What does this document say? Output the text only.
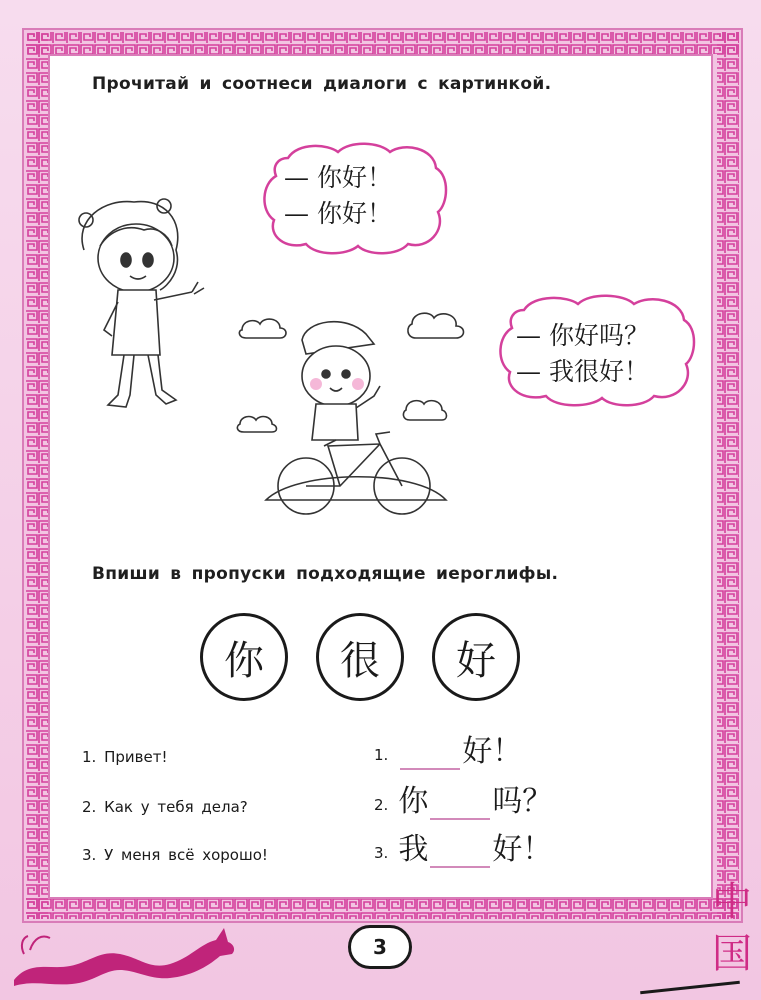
Прочитай и соотнеси диалоги с картинкой.
— 你好！
— 你好！
— 你好吗？
— 我很好！
Впиши в пропуски подходящие иероглифы.
你	很	好
1. Привет!
2. Как у тебя дела?
3. У меня всё хорошо!
1. 好！
2. 你 吗？
3. 我 好！
3
中
国
